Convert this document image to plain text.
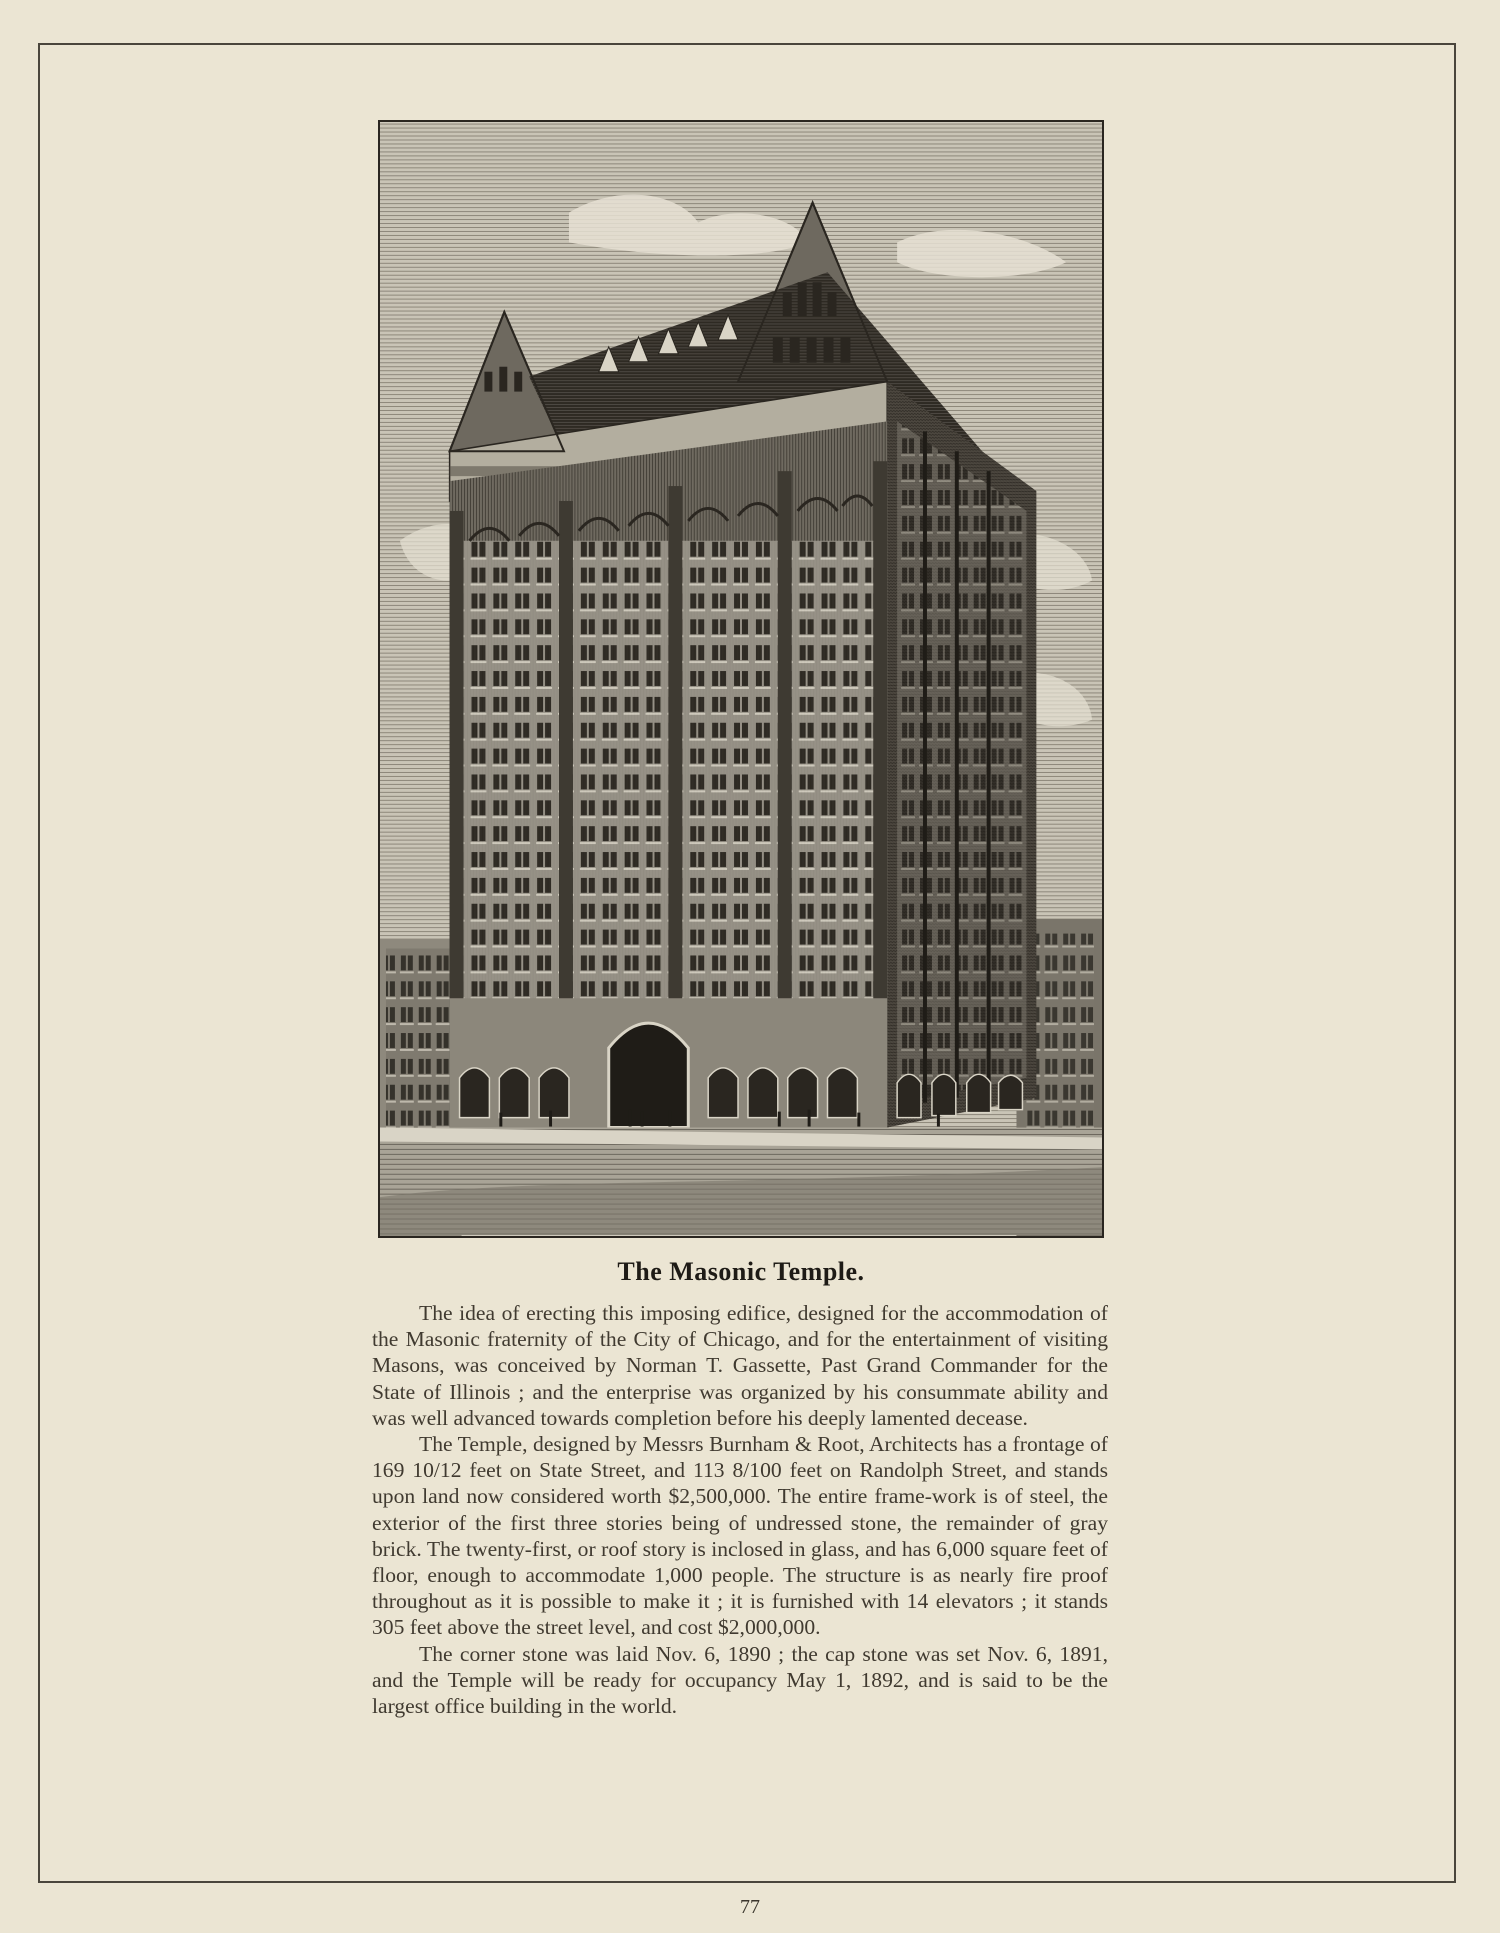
The Masonic Temple.

The idea of erecting this imposing edifice, designed for the accommodation of the Masonic fraternity of the City of Chicago, and for the entertainment of visiting Masons, was conceived by Norman T. Gassette, Past Grand Commander for the State of Illinois ; and the enterprise was organized by his consummate ability and was well advanced towards completion before his deeply lamented decease.

The Temple, designed by Messrs Burnham & Root, Architects has a frontage of 169 10/12 feet on State Street, and 113 8/100 feet on Randolph Street, and stands upon land now considered worth $2,500,000. The entire frame-work is of steel, the exterior of the first three stories being of undressed stone, the remainder of gray brick. The twenty-first, or roof story is inclosed in glass, and has 6,000 square feet of floor, enough to accommodate 1,000 people. The structure is as nearly fire proof throughout as it is possible to make it ; it is furnished with 14 elevators ; it stands 305 feet above the street level, and cost $2,000,000.

The corner stone was laid Nov. 6, 1890 ; the cap stone was set Nov. 6, 1891, and the Temple will be ready for occupancy May 1, 1892, and is said to be the largest office building in the world.

77
